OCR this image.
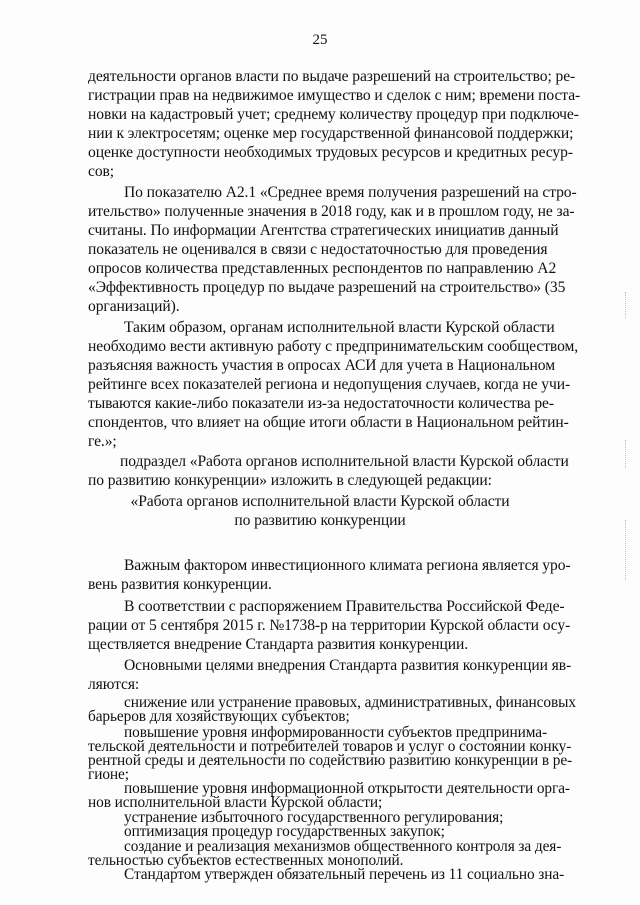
25
деятельности органов власти по выдаче разрешений на строительство; ре-
гистрации прав на недвижимое имущество и сделок с ним; времени поста-
новки на кадастровый учет; среднему количеству процедур при подключе-
нии к электросетям; оценке мер государственной финансовой поддержки;
оценке доступности необходимых трудовых ресурсов и кредитных ресур-
сов;
По показателю А2.1 «Среднее время получения разрешений на стро-
ительство» полученные значения в 2018 году, как и в прошлом году, не за-
считаны. По информации Агентства стратегических инициатив данный
показатель не оценивался в связи с недостаточностью для проведения
опросов количества представленных респондентов по направлению А2
«Эффективность процедур по выдаче разрешений на строительство» (35
организаций).
Таким образом, органам исполнительной власти Курской области
необходимо вести активную работу с предпринимательским сообществом,
разъясняя важность участия в опросах АСИ для учета в Национальном
рейтинге всех показателей региона и недопущения случаев, когда не учи-
тываются какие-либо показатели из-за недостаточности количества ре-
спондентов, что влияет на общие итоги области в Национальном рейтин-
ге.»;
подраздел «Работа органов исполнительной власти Курской области
по развитию конкуренции» изложить в следующей редакции:
«Работа органов исполнительной власти Курской области
по развитию конкуренции
Важным фактором инвестиционного климата региона является уро-
вень развития конкуренции.
В соответствии с распоряжением Правительства Российской Феде-
рации от 5 сентября 2015 г. №1738-р на территории Курской области осу-
ществляется внедрение Стандарта развития конкуренции.
Основными целями внедрения Стандарта развития конкуренции яв-
ляются:
снижение или устранение правовых, административных, финансовых
барьеров для хозяйствующих субъектов;
повышение уровня информированности субъектов предпринима-
тельской деятельности и потребителей товаров и услуг о состоянии конку-
рентной среды и деятельности по содействию развитию конкуренции в ре-
гионе;
повышение уровня информационной открытости деятельности орга-
нов исполнительной власти Курской области;
устранение избыточного государственного регулирования;
оптимизация процедур государственных закупок;
создание и реализация механизмов общественного контроля за дея-
тельностью субъектов естественных монополий.
Стандартом утвержден обязательный перечень из 11 социально зна-
